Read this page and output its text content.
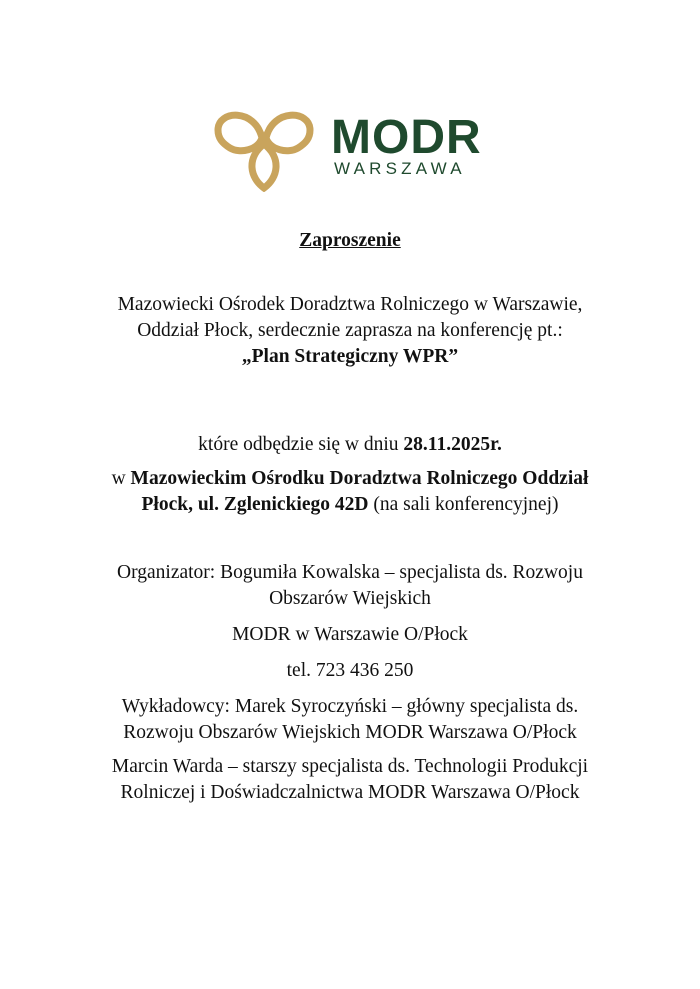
MODR
WARSZAWA

Zaproszenie

Mazowiecki Ośrodek Doradztwa Rolniczego w Warszawie,
Oddział Płock, serdecznie zaprasza na konferencję pt.:
„Plan Strategiczny WPR”
które odbędzie się w dniu 28.11.2025r.
w Mazowieckim Ośrodku Doradztwa Rolniczego Oddział
Płock, ul. Zglenickiego 42D (na sali konferencyjnej)
Organizator: Bogumiła Kowalska – specjalista ds. Rozwoju
Obszarów Wiejskich
MODR w Warszawie O/Płock
tel. 723 436 250
Wykładowcy: Marek Syroczyński – główny specjalista ds.
Rozwoju Obszarów Wiejskich MODR Warszawa O/Płock
Marcin Warda – starszy specjalista ds. Technologii Produkcji
Rolniczej i Doświadczalnictwa MODR Warszawa O/Płock
